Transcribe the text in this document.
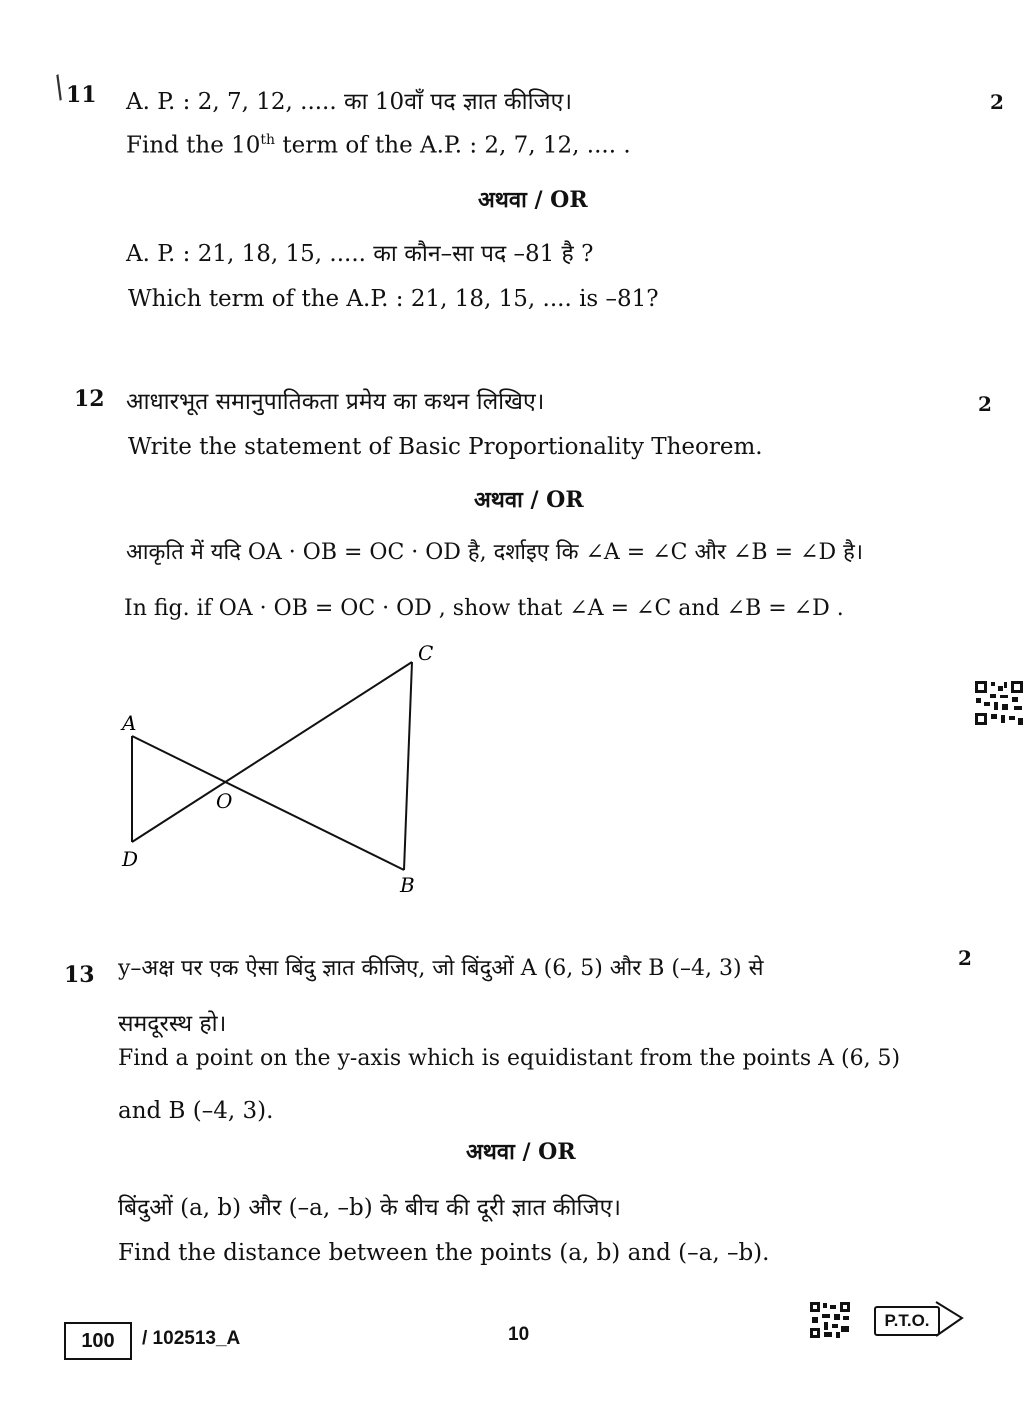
/
11 A. P. : 2, 7, 12, ..... का 10वाँ पद ज्ञात कीजिए।	2
Find the 10th term of the A.P. : 2, 7, 12, .... .
अथवा / OR
A. P. : 21, 18, 15, ..... का कौन–सा पद –81 है ?
Which term of the A.P. : 21, 18, 15, .... is –81?
12 आधारभूत समानुपातिकता प्रमेय का कथन लिखिए।	2
Write the statement of Basic Proportionality Theorem.
अथवा / OR
आकृति में यदि OA · OB = OC · OD है, दर्शाइए कि ∠A = ∠C और ∠B = ∠D है।
In fig. if OA · OB = OC · OD , show that ∠A = ∠C and ∠B = ∠D .
A
C
O
D
B
13 y–अक्ष पर एक ऐसा बिंदु ज्ञात कीजिए, जो बिंदुओं A (6, 5) और B (–4, 3) से	2
समदूरस्थ हो।
Find a point on the y-axis which is equidistant from the points A (6, 5)
and B (–4, 3).
अथवा / OR
बिंदुओं (a, b) और (–a, –b) के बीच की दूरी ज्ञात कीजिए।
Find the distance between the points (a, b) and (–a, –b).
100	/ 102513_A	10
P.T.O.
